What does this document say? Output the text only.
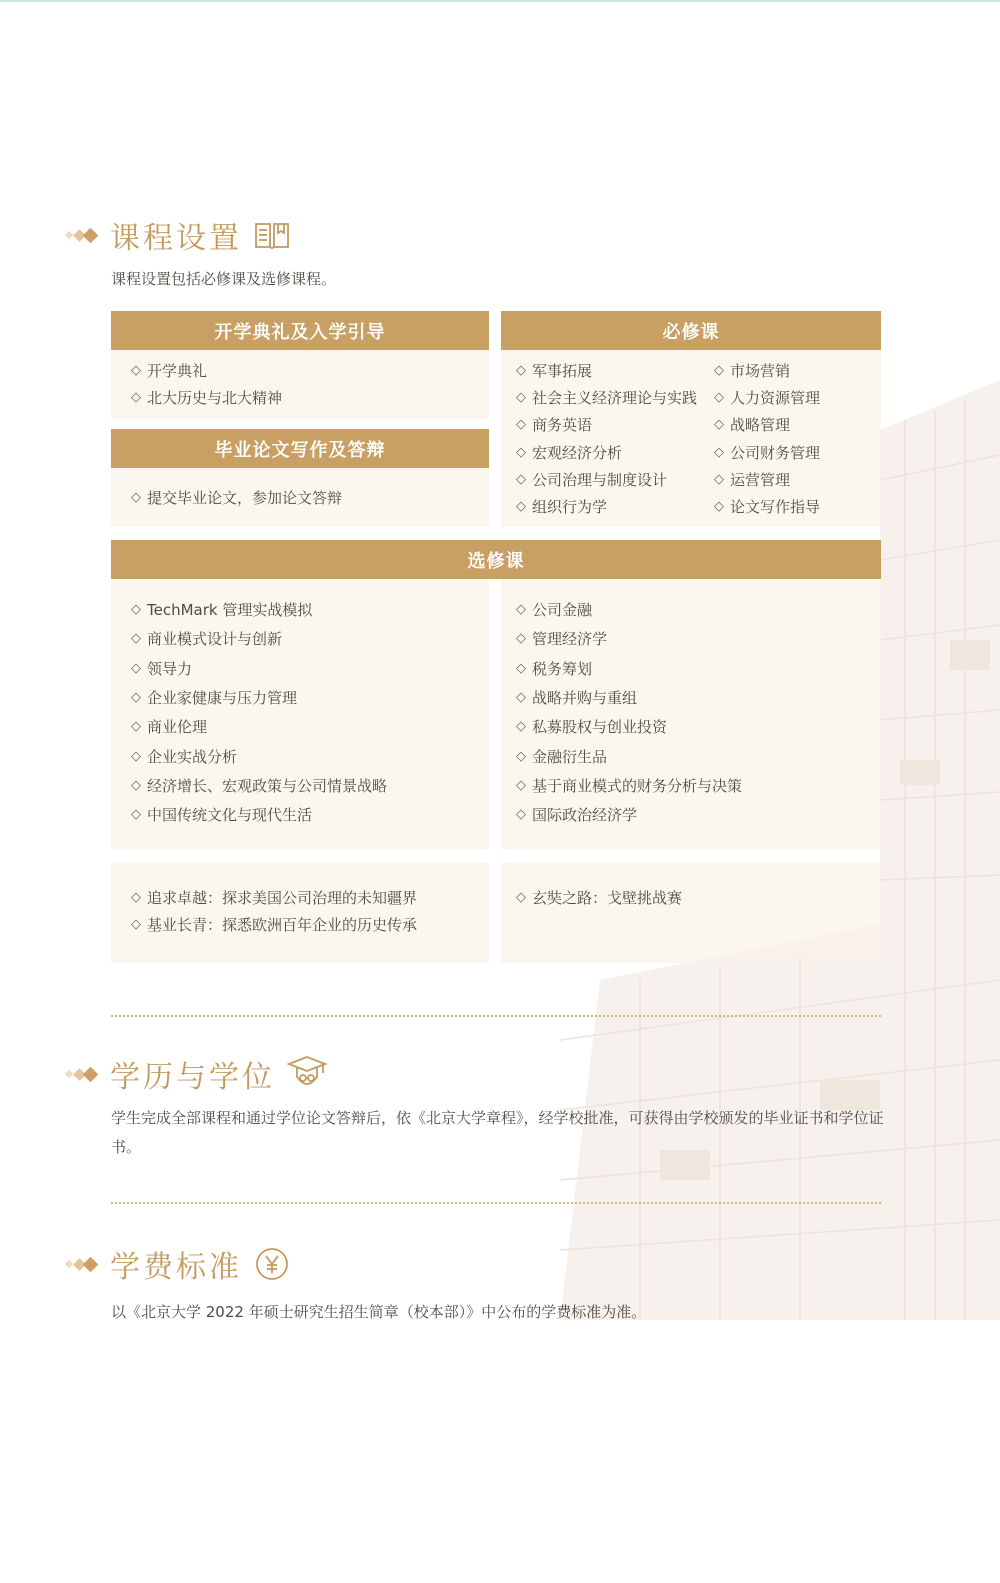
课程设置
课程设置包括必修课及选修课程。
开学典礼及入学引导
◇ 开学典礼
◇ 北大历史与北大精神
毕业论文写作及答辩
◇ 提交毕业论文，参加论文答辩
必修课
◇ 军事拓展
◇ 社会主义经济理论与实践
◇ 商务英语
◇ 宏观经济分析
◇ 公司治理与制度设计
◇ 组织行为学
◇ 市场营销
◇ 人力资源管理
◇ 战略管理
◇ 公司财务管理
◇ 运营管理
◇ 论文写作指导
选修课
◇ TechMark 管理实战模拟
◇ 商业模式设计与创新
◇ 领导力
◇ 企业家健康与压力管理
◇ 商业伦理
◇ 企业实战分析
◇ 经济增长、宏观政策与公司情景战略
◇ 中国传统文化与现代生活
◇ 公司金融
◇ 管理经济学
◇ 税务筹划
◇ 战略并购与重组
◇ 私募股权与创业投资
◇ 金融衍生品
◇ 基于商业模式的财务分析与决策
◇ 国际政治经济学
◇ 追求卓越：探求美国公司治理的未知疆界
◇ 基业长青：探悉欧洲百年企业的历史传承
◇ 玄奘之路：戈壁挑战赛
学历与学位
学生完成全部课程和通过学位论文答辩后，依《北京大学章程》，经学校批准，可获得由学校颁发的毕业证书和学位证书。
学费标准
以《北京大学 2022 年硕士研究生招生简章（校本部）》中公布的学费标准为准。
